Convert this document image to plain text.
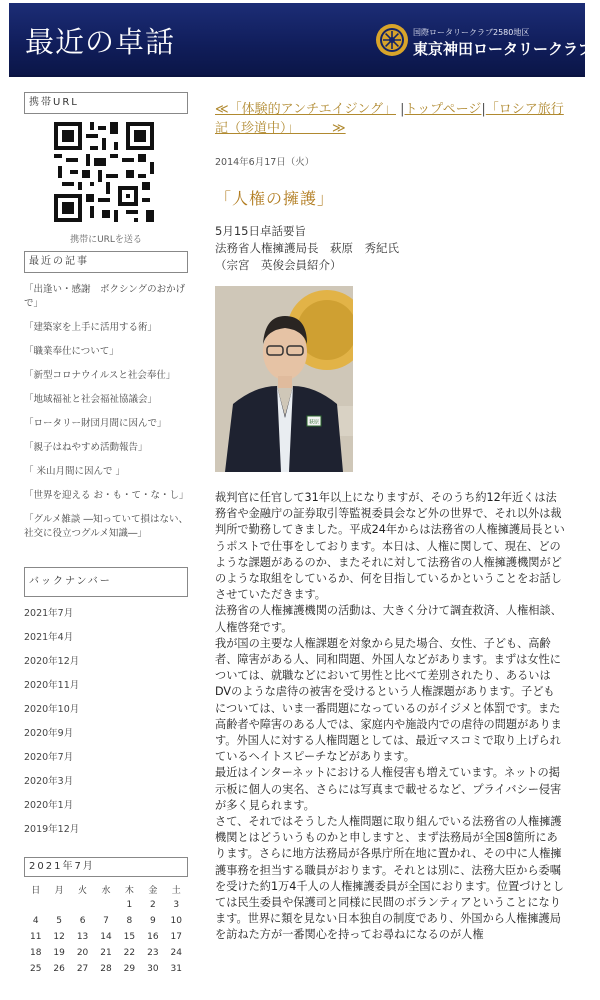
最近の卓話	国際ロータリークラブ2580地区
東京神田ロータリークラブ
携帯URL
携帯にURLを送る
最近の記事
「出逢い・感謝　ボクシングのおかげで」
「建築家を上手に活用する術」
「職業奉仕について」
「新型コロナウイルスと社会奉仕」
「地域福祉と社会福祉協議会」
「ロータリー財団月間に因んで」
「親子はねやすめ活動報告」
「 米山月間に因んで 」
「世界を迎える お・も・て・な・し」
「グルメ雑談 ―知っていて損はない、社交に役立つグルメ知識―」
バックナンバー
2021年7月
2021年4月
2020年12月
2020年11月
2020年10月
2020年9月
2020年7月
2020年3月
2020年1月
2019年12月
2021年7月
日	月	火	水	木	金	土
				1	2	3
4	5	6	7	8	9	10
11	12	13	14	15	16	17
18	19	20	21	22	23	24
25	26	27	28	29	30	31
≪「体験的アンチエイジング」 |トップページ|「ロシア旅行記（珍道中）」　　　≫
2014年6月17日（火）
「人権の擁護」
5月15日卓話要旨
法務省人権擁護局長　萩原　秀紀氏
（宗宮　英俊会員紹介）
萩原

裁判官に任官して31年以上になりますが、そのうち約12年近くは法務省や金融庁の証券取引等監視委員会など外の世界で、それ以外は裁判所で勤務してきました。平成24年からは法務省の人権擁護局長というポストで仕事をしております。本日は、人権に関して、現在、どのような課題があるのか、またそれに対して法務省の人権擁護機関がどのような取組をしているか、何を目指しているかということをお話しさせていただきます。

法務省の人権擁護機関の活動は、大きく分けて調査救済、人権相談、人権啓発です。

我が国の主要な人権課題を対象から見た場合、女性、子ども、高齢者、障害がある人、同和問題、外国人などがあります。まずは女性については、就職などにおいて男性と比べて差別されたり、あるいはDVのような虐待の被害を受けるという人権課題があります。子どもについては、いま一番問題になっているのがイジメと体罰です。また高齢者や障害のある人では、家庭内や施設内での虐待の問題があります。外国人に対する人権問題としては、最近マスコミで取り上げられているヘイトスピーチなどがあります。

最近はインターネットにおける人権侵害も増えています。ネットの掲示板に個人の実名、さらには写真まで載せるなど、プライバシー侵害が多く見られます。

さて、それではそうした人権問題に取り組んでいる法務省の人権擁護機関とはどういうものかと申しますと、まず法務局が全国8箇所にあります。さらに地方法務局が各県庁所在地に置かれ、その中に人権擁護事務を担当する職員がおります。それとは別に、法務大臣から委嘱を受けた約1万4千人の人権擁護委員が全国におります。位置づけとしては民生委員や保護司と同様に民間のボランティアということになります。世界に類を見ない日本独自の制度であり、外国から人権擁護局を訪ねた方が一番関心を持ってお尋ねになるのが人権
